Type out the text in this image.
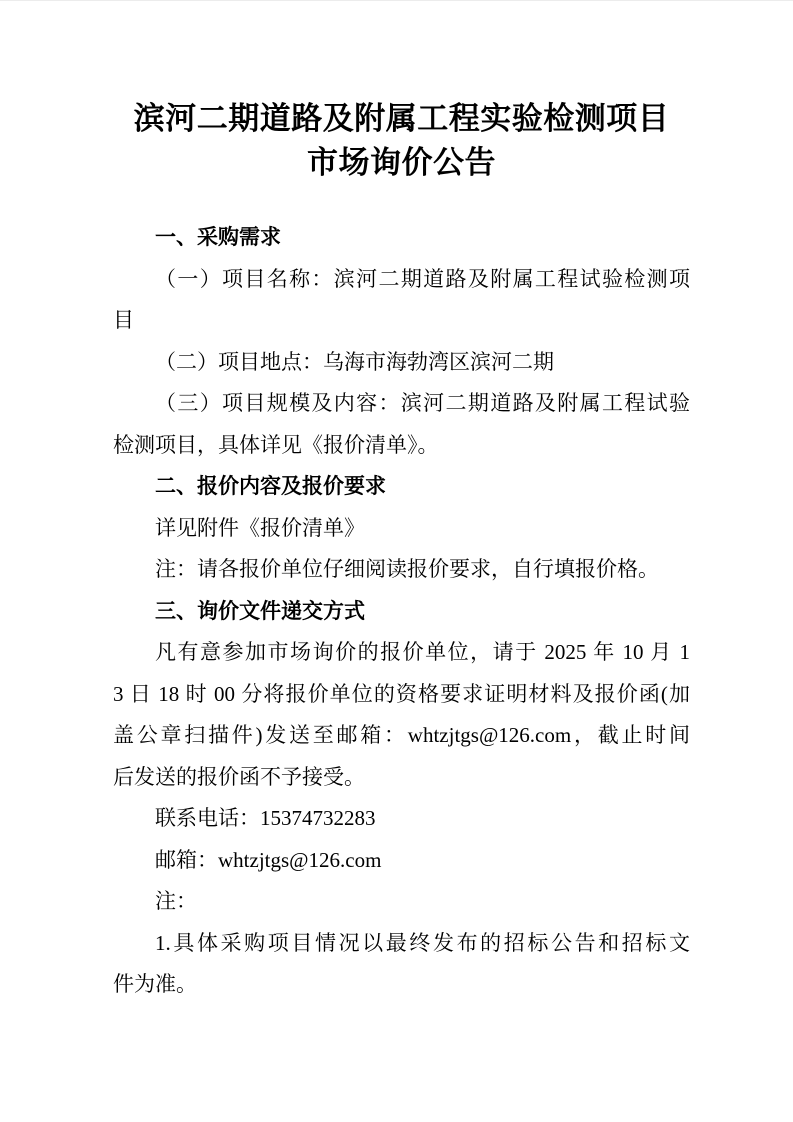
滨河二期道路及附属工程实验检测项目
市场询价公告
一、采购需求
（一）项目名称：滨河二期道路及附属工程试验检测项
目
（二）项目地点：乌海市海勃湾区滨河二期
（三）项目规模及内容：滨河二期道路及附属工程试验
检测项目，具体详见《报价清单》。
二、报价内容及报价要求
详见附件《报价清单》
注：请各报价单位仔细阅读报价要求，自行填报价格。
三、询价文件递交方式
凡有意参加市场询价的报价单位，请于 2025 年 10 月 1
3 日 18 时 00 分将报价单位的资格要求证明材料及报价函(加
盖公章扫描件)发送至邮箱：whtzjtgs@126.com，截止时间
后发送的报价函不予接受。
联系电话：15374732283
邮箱：whtzjtgs@126.com
注：
1.具体采购项目情况以最终发布的招标公告和招标文
件为准。
